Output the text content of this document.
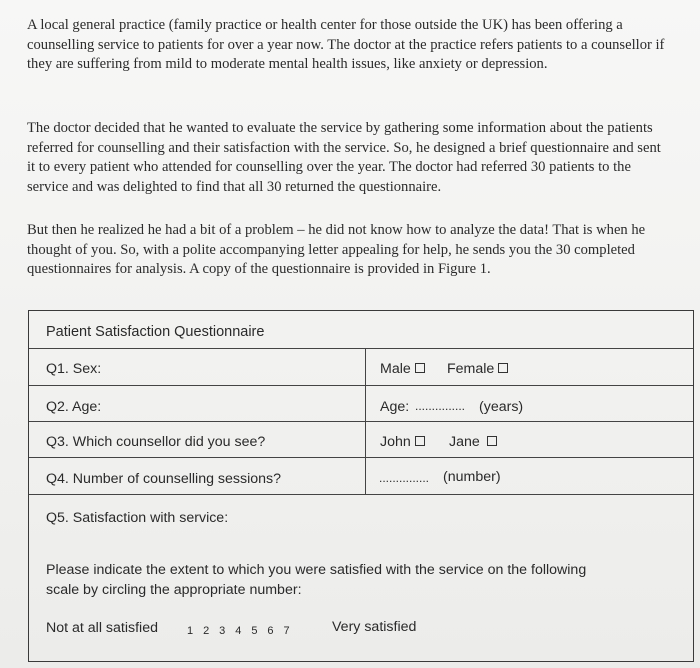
A local general practice (family practice or health center for those outside the UK) has been offering a counselling service to patients for over a year now. The doctor at the practice refers patients to a counsellor if they are suffering from mild to moderate mental health issues, like anxiety or depression.

The doctor decided that he wanted to evaluate the service by gathering some information about the patients referred for counselling and their satisfaction with the service. So, he designed a brief questionnaire and sent it to every patient who attended for counselling over the year. The doctor had referred 30 patients to the service and was delighted to find that all 30 returned the questionnaire.

But then he realized he had a bit of a problem – he did not know how to analyze the data! That is when he thought of you. So, with a polite accompanying letter appealing for help, he sends you the 30 completed questionnaires for analysis. A copy of the questionnaire is provided in Figure 1.

Patient Satisfaction Questionnaire
Q1. Sex:	Male	Female
Q2. Age:	Age: ............... (years)
Q3. Which counsellor did you see?	John	Jane
Q4. Number of counselling sessions?	............... (number)
Q5. Satisfaction with service:
Please indicate the extent to which you were satisfied with the service on the following
scale by circling the appropriate number:
Not at all satisfied	1 2 3 4 5 6 7	Very satisfied
